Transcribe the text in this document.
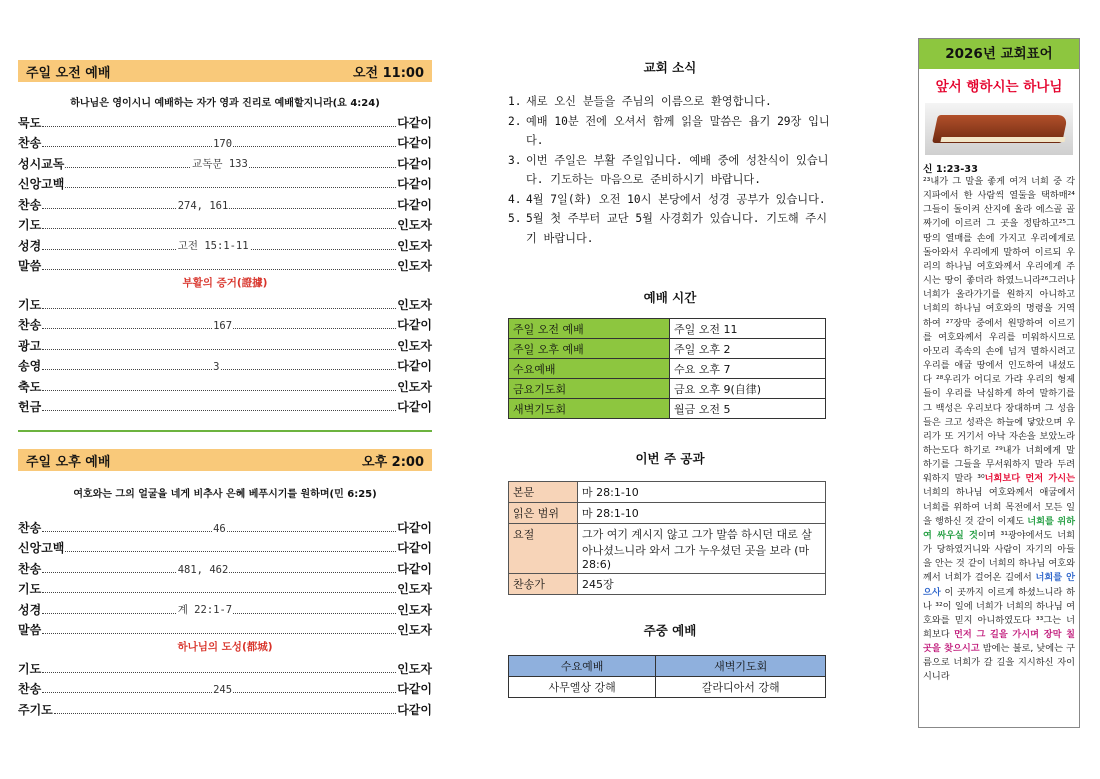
주일 오전 예배	오전 11:00
하나님은 영이시니 예배하는 자가 영과 진리로 예배할지니라(요 4:24)
묵도	다같이
찬송	170	다같이
성시교독	교독문 133	다같이
신앙고백	다같이
찬송	274, 161	다같이
기도	인도자
성경	고전 15:1-11	인도자
말씀	인도자
부활의 증거(證據)
기도	인도자
찬송	167	다같이
광고	인도자
송영	3	다같이
축도	인도자
헌금	다같이
주일 오후 예배	오후 2:00
여호와는 그의 얼굴을 네게 비추사 은혜 베푸시기를 원하며(민 6:25)
찬송	46	다같이
신앙고백	다같이
찬송	481, 462	다같이
기도	인도자
성경	계 22:1-7	인도자
말씀	인도자
하나님의 도성(都城)
기도	인도자
찬송	245	다같이
주기도	다같이
교회 소식
1. 새로 오신 분들을 주님의 이름으로 환영합니다.
2. 예배 10분 전에 오셔서 함께 읽을 말씀은 욥기 29장 입니다.
3. 이번 주일은 부활 주일입니다. 예배 중에 성찬식이 있습니다. 기도하는 마음으로 준비하시기 바랍니다.
4. 4월 7일(화) 오전 10시 본당에서 성경 공부가 있습니다.
5. 5월 첫 주부터 교단 5월 사경회가 있습니다. 기도해 주시기 바랍니다.
예배 시간
주일 오전 예배	주일 오전 11
주일 오후 예배	주일 오후 2
수요예배	수요 오후 7
금요기도회	금요 오후 9(自律)
새벽기도회	월금 오전 5
이번 주 공과
본문	마 28:1-10
읽은 범위	마 28:1-10
요절	그가 여기 계시지 않고 그가 말씀 하시던 대로 살아나셨느니라 와서 그가 누우셨던 곳을 보라 (마 28:6)
찬송가	245장
주중 예배
수요예배	새벽기도회
사무엘상 강해	갈라디아서 강해
2026년 교회표어
앞서 행하시는 하나님
신 1:23-33
²³내가 그 말을 좋게 여겨 너희 중 각 지파에서 한 사람씩 열둘을 택하매²⁴그들이 돌이켜 산지에 올라 에스골 골짜기에 이르러 그 곳을 정탐하고²⁵그 땅의 열매를 손에 가지고 우리에게로 돌아와서 우리에게 말하여 이르되 우리의 하나님 여호와께서 우리에게 주시는 땅이 좋더라 하였느니라²⁶그러나 너희가 올라가기를 원하지 아니하고 너희의 하나님 여호와의 명령을 거역하여 ²⁷장막 중에서 원망하여 이르기를 여호와께서 우리를 미워하시므로 아모리 족속의 손에 넘겨 멸하시려고 우리를 애굽 땅에서 인도하여 내셨도다 ²⁸우리가 어디로 가랴 우리의 형제들이 우리를 낙심하게 하여 말하기를 그 백성은 우리보다 장대하며 그 성읍들은 크고 성곽은 하늘에 닿았으며 우리가 또 거기서 아낙 자손을 보았노라 하는도다 하기로 ²⁹내가 너희에게 말하기를 그들을 무서워하지 말라 두려워하지 말라 ³⁰너희보다 먼저 가시는 너희의 하나님 여호와께서 애굽에서 너희를 위하여 너희 목전에서 모든 일을 행하신 것 같이 이제도 너희를 위하여 싸우실 것이며 ³¹광야에서도 너희가 당하였거니와 사람이 자기의 아들을 안는 것 같이 너희의 하나님 여호와께서 너희가 걸어온 길에서 너희를 안으사 이 곳까지 이르게 하셨느니라 하나 ³²이 일에 너희가 너희의 하나님 여호와를 믿지 아니하였도다 ³³그는 너희보다 먼저 그 길을 가시며 장막 칠 곳을 찾으시고 밤에는 불로, 낮에는 구름으로 너희가 갈 길을 지시하신 자이시니라
